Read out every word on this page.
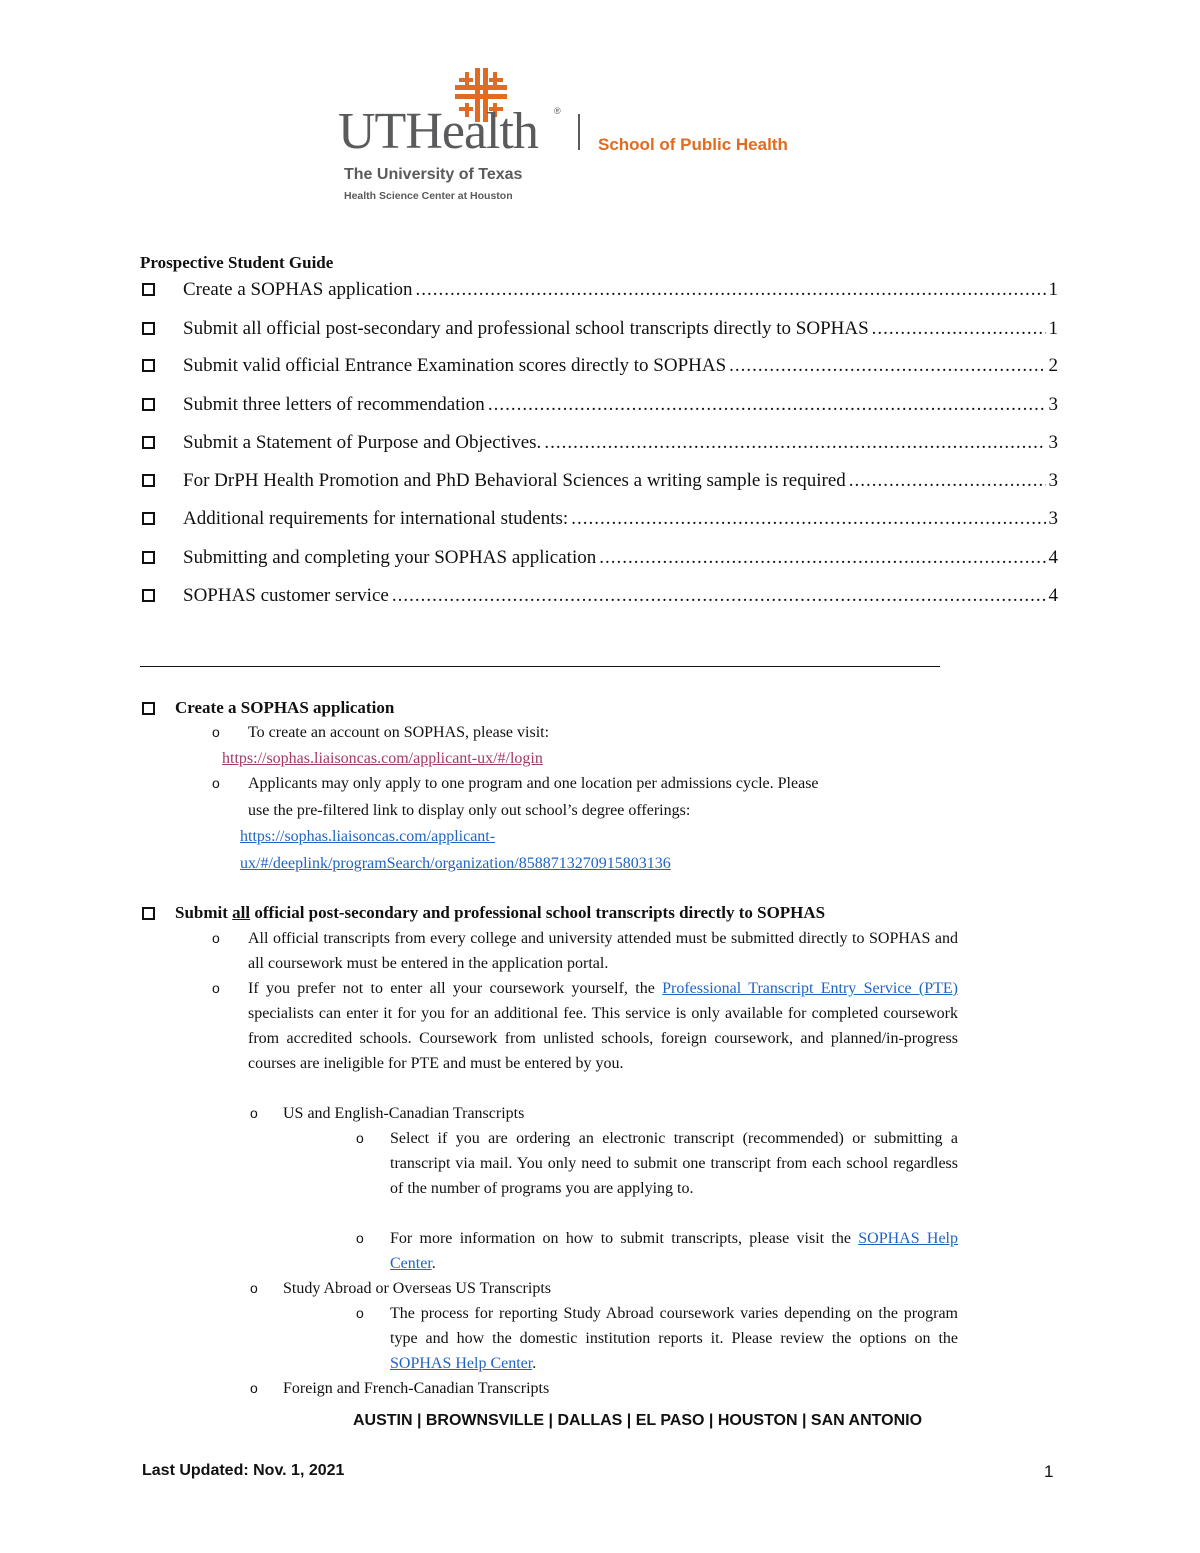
UTHealth ®
School of Public Health
The University of Texas
Health Science Center at Houston
Prospective Student Guide
Create a SOPHAS application .....	1
Submit all official post-secondary and professional school transcripts directly to SOPHAS .....	1
Submit valid official Entrance Examination scores directly to SOPHAS .....	2
Submit three letters of recommendation .....	3
Submit a Statement of Purpose and Objectives. .....	3
For DrPH Health Promotion and PhD Behavioral Sciences a writing sample is required .....	3
Additional requirements for international students: .....	3
Submitting and completing your SOPHAS application .....	4
SOPHAS customer service .....	4
Create a SOPHAS application
o To create an account on SOPHAS, please visit:
https://sophas.liaisoncas.com/applicant-ux/#/login
o Applicants may only apply to one program and one location per admissions cycle. Please
use the pre-filtered link to display only out school’s degree offerings:
https://sophas.liaisoncas.com/applicant-
ux/#/deeplink/programSearch/organization/8588713270915803136
Submit all official post-secondary and professional school transcripts directly to SOPHAS
o All official transcripts from every college and university attended must be submitted directly to SOPHAS and all coursework must be entered in the application portal.
o If you prefer not to enter all your coursework yourself, the Professional Transcript Entry Service (PTE) specialists can enter it for you for an additional fee. This service is only available for completed coursework from accredited schools. Coursework from unlisted schools, foreign coursework, and planned/in-progress courses are ineligible for PTE and must be entered by you.
o US and English-Canadian Transcripts
o Select if you are ordering an electronic transcript (recommended) or submitting a transcript via mail. You only need to submit one transcript from each school regardless of the number of programs you are applying to.
o For more information on how to submit transcripts, please visit the SOPHAS Help Center.
o Study Abroad or Overseas US Transcripts
o The process for reporting Study Abroad coursework varies depending on the program type and how the domestic institution reports it. Please review the options on the SOPHAS Help Center.
o Foreign and French-Canadian Transcripts
AUSTIN | BROWNSVILLE | DALLAS | EL PASO | HOUSTON | SAN ANTONIO
Last Updated: Nov. 1, 2021	1
